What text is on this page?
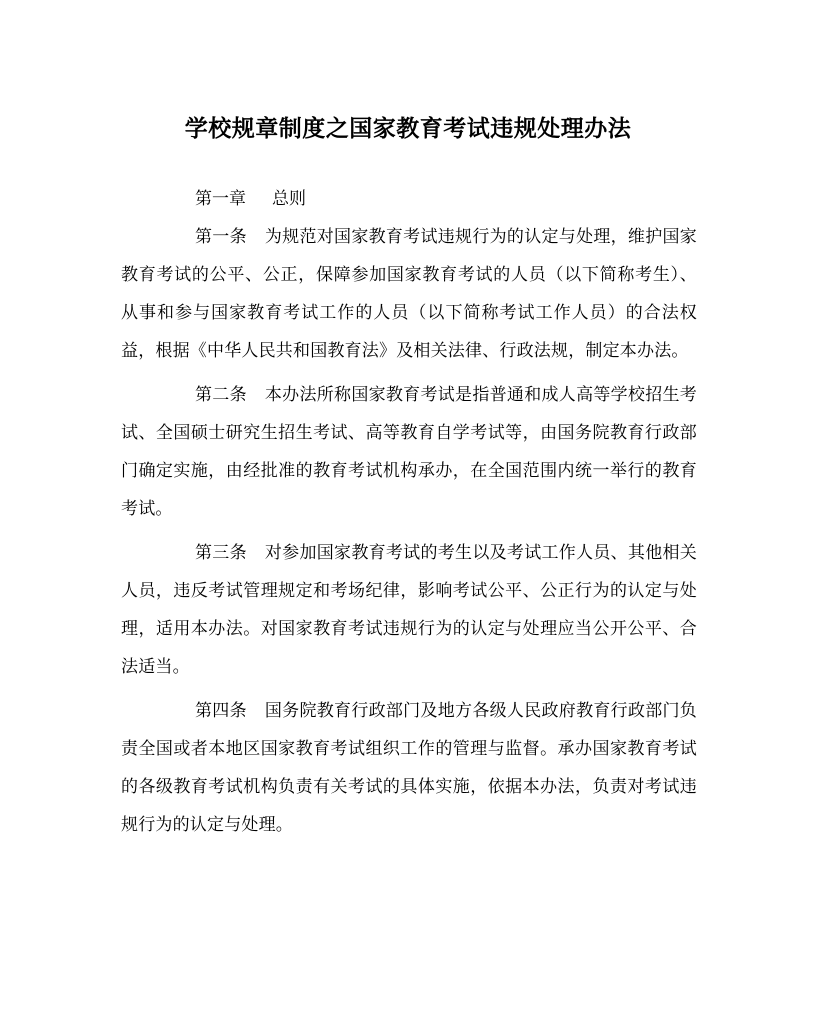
学校规章制度之国家教育考试违规处理办法
第一章 总则

第一条 为规范对国家教育考试违规行为的认定与处理，维护国家教育考试的公平、公正，保障参加国家教育考试的人员（以下简称考生）、从事和参与国家教育考试工作的人员（以下简称考试工作人员）的合法权益，根据《中华人民共和国教育法》及相关法律、行政法规，制定本办法。

第二条 本办法所称国家教育考试是指普通和成人高等学校招生考试、全国硕士研究生招生考试、高等教育自学考试等，由国务院教育行政部门确定实施，由经批准的教育考试机构承办，在全国范围内统一举行的教育考试。

第三条 对参加国家教育考试的考生以及考试工作人员、其他相关人员，违反考试管理规定和考场纪律，影响考试公平、公正行为的认定与处理，适用本办法。对国家教育考试违规行为的认定与处理应当公开公平、合法适当。

第四条 国务院教育行政部门及地方各级人民政府教育行政部门负责全国或者本地区国家教育考试组织工作的管理与监督。承办国家教育考试的各级教育考试机构负责有关考试的具体实施，依据本办法，负责对考试违规行为的认定与处理。
